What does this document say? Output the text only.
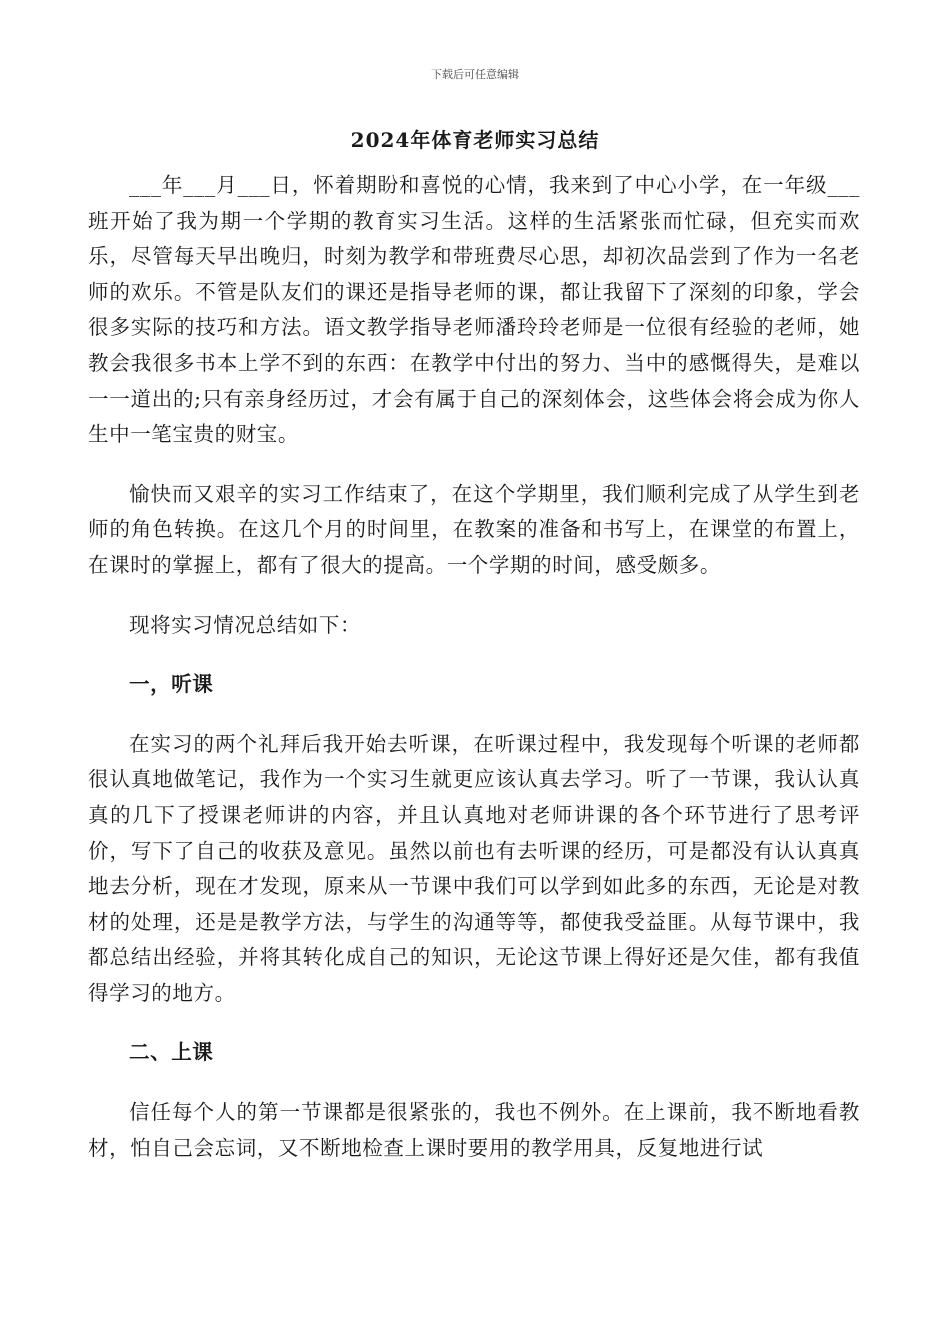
下载后可任意编辑
2024年体育老师实习总结

___年___月___日，怀着期盼和喜悦的心情，我来到了中心小学，在一年级___班开始了我为期一个学期的教育实习生活。这样的生活紧张而忙碌，但充实而欢乐，尽管每天早出晚归，时刻为教学和带班费尽心思，却初次品尝到了作为一名老师的欢乐。不管是队友们的课还是指导老师的课，都让我留下了深刻的印象，学会很多实际的技巧和方法。语文教学指导老师潘玲玲老师是一位很有经验的老师，她教会我很多书本上学不到的东西：在教学中付出的努力、当中的感慨得失，是难以一一道出的;只有亲身经历过，才会有属于自己的深刻体会，这些体会将会成为你人生中一笔宝贵的财宝。

愉快而又艰辛的实习工作结束了，在这个学期里，我们顺利完成了从学生到老师的角色转换。在这几个月的时间里，在教案的准备和书写上，在课堂的布置上，在课时的掌握上，都有了很大的提高。一个学期的时间，感受颇多。

现将实习情况总结如下：

一，听课

在实习的两个礼拜后我开始去听课，在听课过程中，我发现每个听课的老师都很认真地做笔记，我作为一个实习生就更应该认真去学习。听了一节课，我认认真真的几下了授课老师讲的内容，并且认真地对老师讲课的各个环节进行了思考评价，写下了自己的收获及意见。虽然以前也有去听课的经历，可是都没有认认真真地去分析，现在才发现，原来从一节课中我们可以学到如此多的东西，无论是对教材的处理，还是是教学方法，与学生的沟通等等，都使我受益匪。从每节课中，我都总结出经验，并将其转化成自己的知识，无论这节课上得好还是欠佳，都有我值得学习的地方。

二、上课

信任每个人的第一节课都是很紧张的，我也不例外。在上课前，我不断地看教材，怕自己会忘词，又不断地检查上课时要用的教学用具，反复地进行试
